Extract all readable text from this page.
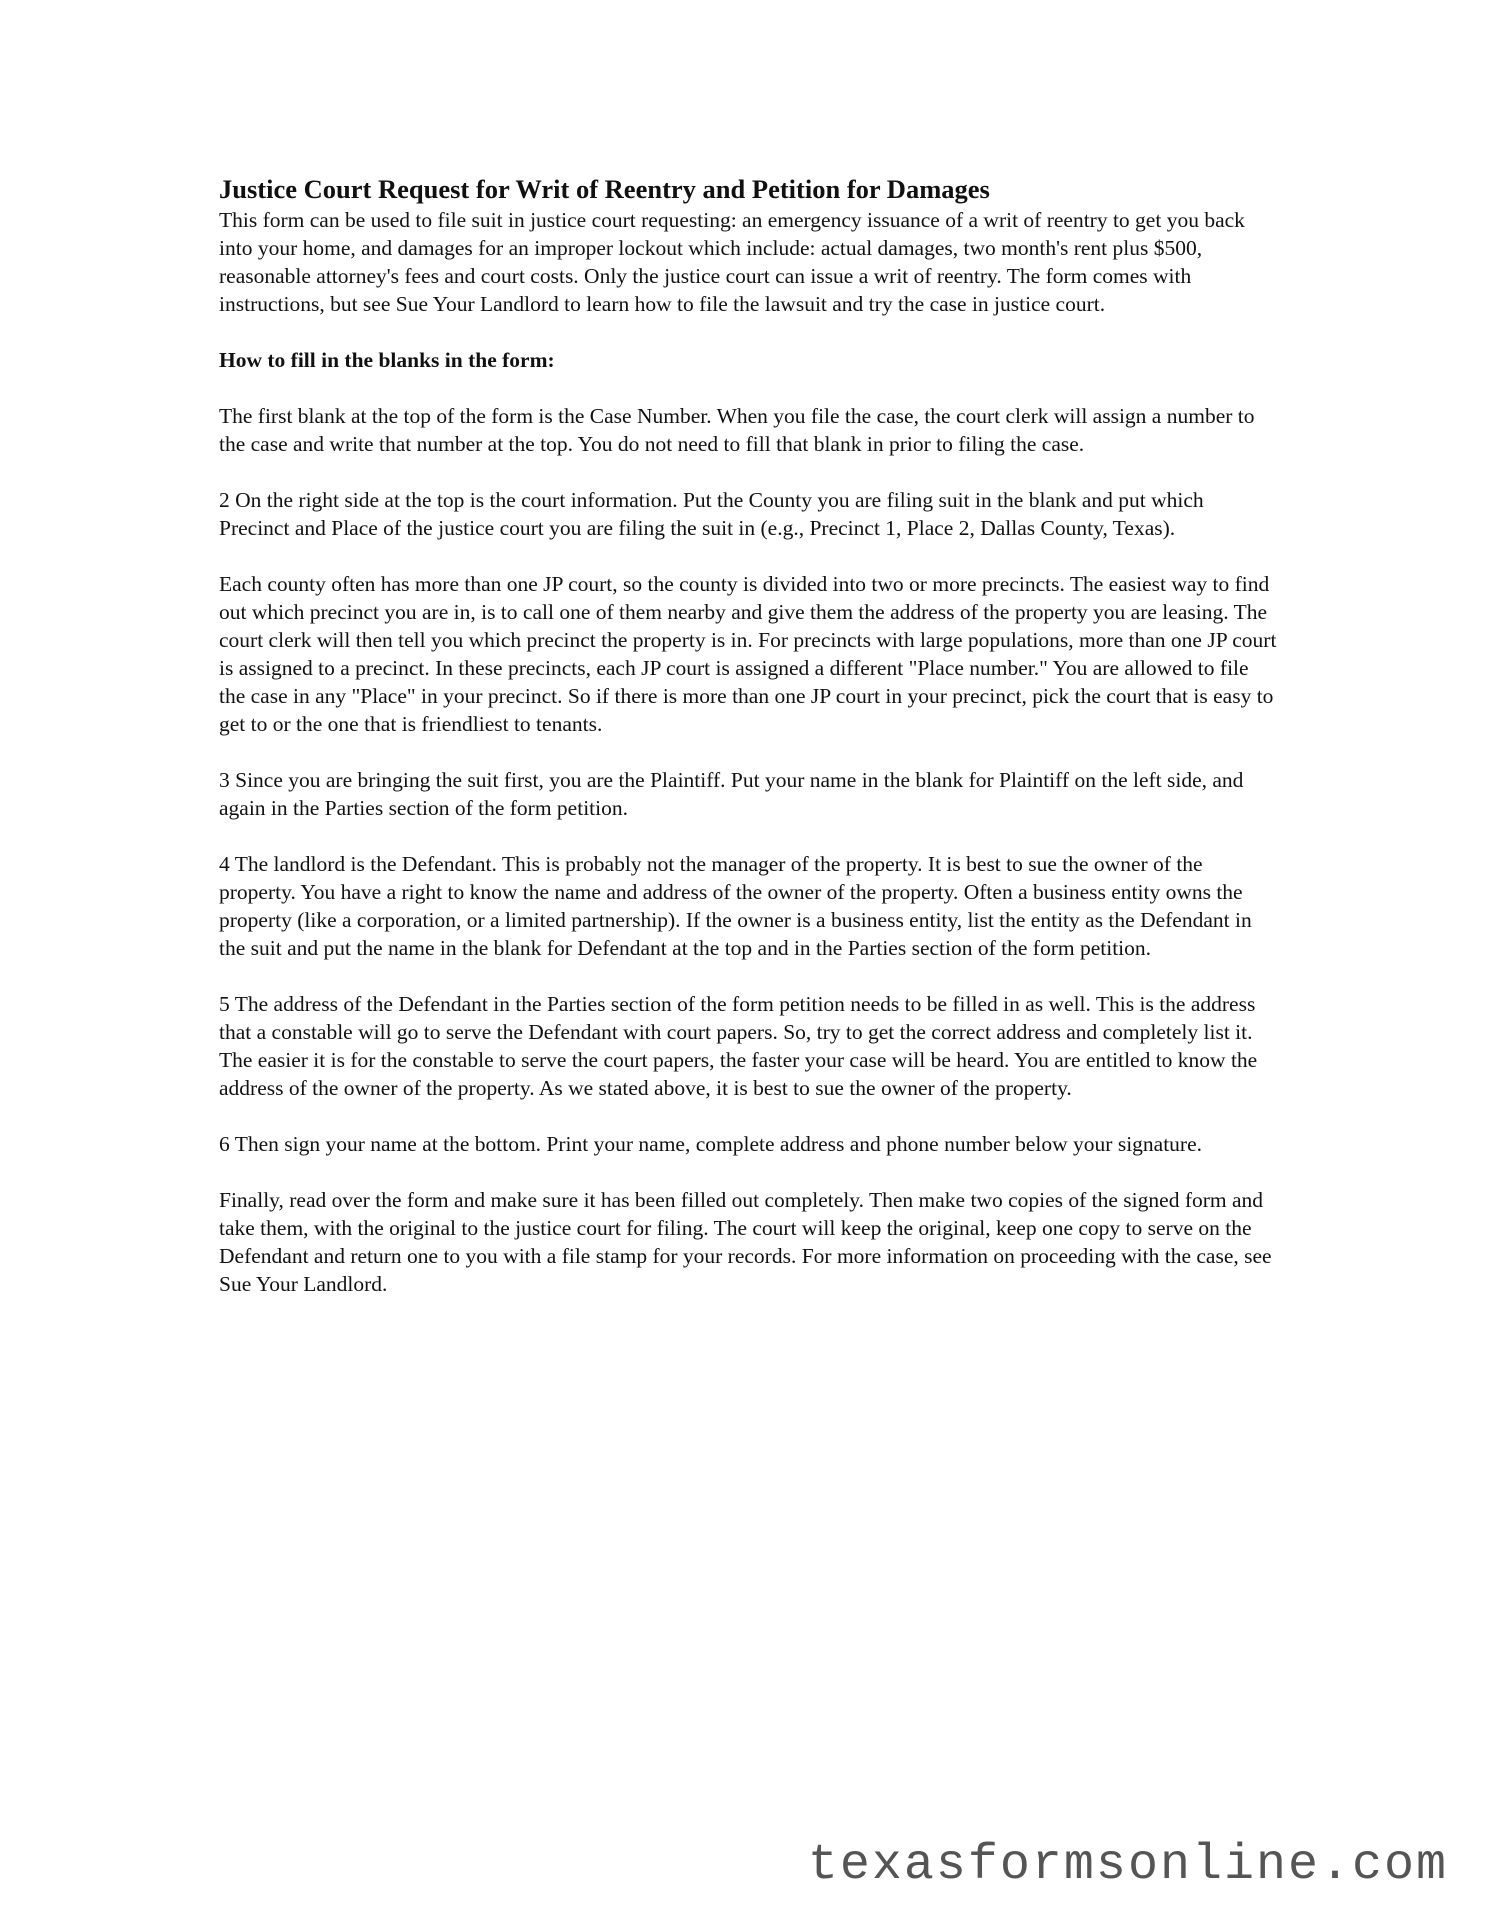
Justice Court Request for Writ of Reentry and Petition for Damages

This form can be used to file suit in justice court requesting: an emergency issuance of a writ of reentry to get you back into your home, and damages for an improper lockout which include: actual damages, two month's rent plus $500, reasonable attorney's fees and court costs. Only the justice court can issue a writ of reentry. The form comes with instructions, but see Sue Your Landlord to learn how to file the lawsuit and try the case in justice court.

How to fill in the blanks in the form:

The first blank at the top of the form is the Case Number. When you file the case, the court clerk will assign a number to the case and write that number at the top. You do not need to fill that blank in prior to filing the case.

2 On the right side at the top is the court information. Put the County you are filing suit in the blank and put which Precinct and Place of the justice court you are filing the suit in (e.g., Precinct 1, Place 2, Dallas County, Texas).

Each county often has more than one JP court, so the county is divided into two or more precincts. The easiest way to find out which precinct you are in, is to call one of them nearby and give them the address of the property you are leasing. The court clerk will then tell you which precinct the property is in. For precincts with large populations, more than one JP court is assigned to a precinct. In these precincts, each JP court is assigned a different "Place number." You are allowed to file the case in any "Place" in your precinct. So if there is more than one JP court in your precinct, pick the court that is easy to get to or the one that is friendliest to tenants.

3 Since you are bringing the suit first, you are the Plaintiff. Put your name in the blank for Plaintiff on the left side, and again in the Parties section of the form petition.

4 The landlord is the Defendant. This is probably not the manager of the property. It is best to sue the owner of the property. You have a right to know the name and address of the owner of the property. Often a business entity owns the property (like a corporation, or a limited partnership). If the owner is a business entity, list the entity as the Defendant in the suit and put the name in the blank for Defendant at the top and in the Parties section of the form petition.

5 The address of the Defendant in the Parties section of the form petition needs to be filled in as well. This is the address that a constable will go to serve the Defendant with court papers. So, try to get the correct address and completely list it. The easier it is for the constable to serve the court papers, the faster your case will be heard. You are entitled to know the address of the owner of the property. As we stated above, it is best to sue the owner of the property.

6 Then sign your name at the bottom. Print your name, complete address and phone number below your signature.

Finally, read over the form and make sure it has been filled out completely. Then make two copies of the signed form and take them, with the original to the justice court for filing. The court will keep the original, keep one copy to serve on the Defendant and return one to you with a file stamp for your records. For more information on proceeding with the case, see Sue Your Landlord.

texasformsonline.com
